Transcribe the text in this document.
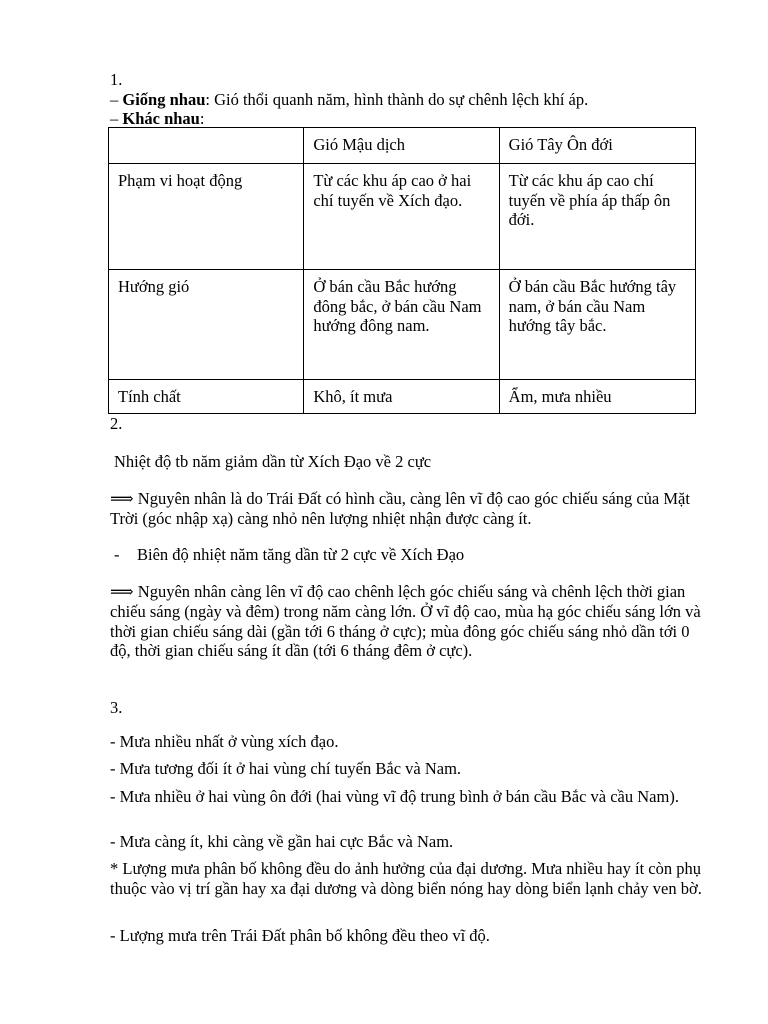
1.
– Giống nhau: Gió thổi quanh năm, hình thành do sự chênh lệch khí áp.
– Khác nhau:
	Gió Mậu dịch	Gió Tây Ôn đới
Phạm vi hoạt động	Từ các khu áp cao ở hai chí tuyến về Xích đạo.	Từ các khu áp cao chí tuyến về phía áp thấp ôn đới.
Hướng gió	Ở bán cầu Bắc hướng đông bắc, ở bán cầu Nam hướng đông nam.	Ở bán cầu Bắc hướng tây nam, ở bán cầu Nam hướng tây bắc.
Tính chất	Khô, ít mưa	Ẩm, mưa nhiều
2.
Nhiệt độ tb năm giảm dần từ Xích Đạo về 2 cực
⟹ Nguyên nhân là do Trái Đất có hình cầu, càng lên vĩ độ cao góc chiếu sáng của Mặt Trời (góc nhập xạ) càng nhỏ nên lượng nhiệt nhận được càng ít.
- Biên độ nhiệt năm tăng dần từ 2 cực về Xích Đạo
⟹ Nguyên nhân càng lên vĩ độ cao chênh lệch góc chiếu sáng và chênh lệch thời gian chiếu sáng (ngày và đêm) trong năm càng lớn. Ở vĩ độ cao, mùa hạ góc chiếu sáng lớn và thời gian chiếu sáng dài (gần tới 6 tháng ở cực); mùa đông góc chiếu sáng nhỏ dần tới 0 độ, thời gian chiếu sáng ít dần (tới 6 tháng đêm ở cực).
3.
- Mưa nhiều nhất ở vùng xích đạo.
- Mưa tương đối ít ở hai vùng chí tuyến Bắc và Nam.
- Mưa nhiều ở hai vùng ôn đới (hai vùng vĩ độ trung bình ở bán cầu Bắc và cầu Nam).
- Mưa càng ít, khi càng về gần hai cực Bắc và Nam.
* Lượng mưa phân bố không đều do ảnh hưởng của đại dương. Mưa nhiều hay ít còn phụ thuộc vào vị trí gần hay xa đại dương và dòng biển nóng hay dòng biển lạnh chảy ven bờ.
- Lượng mưa trên Trái Đất phân bố không đều theo vĩ độ.
